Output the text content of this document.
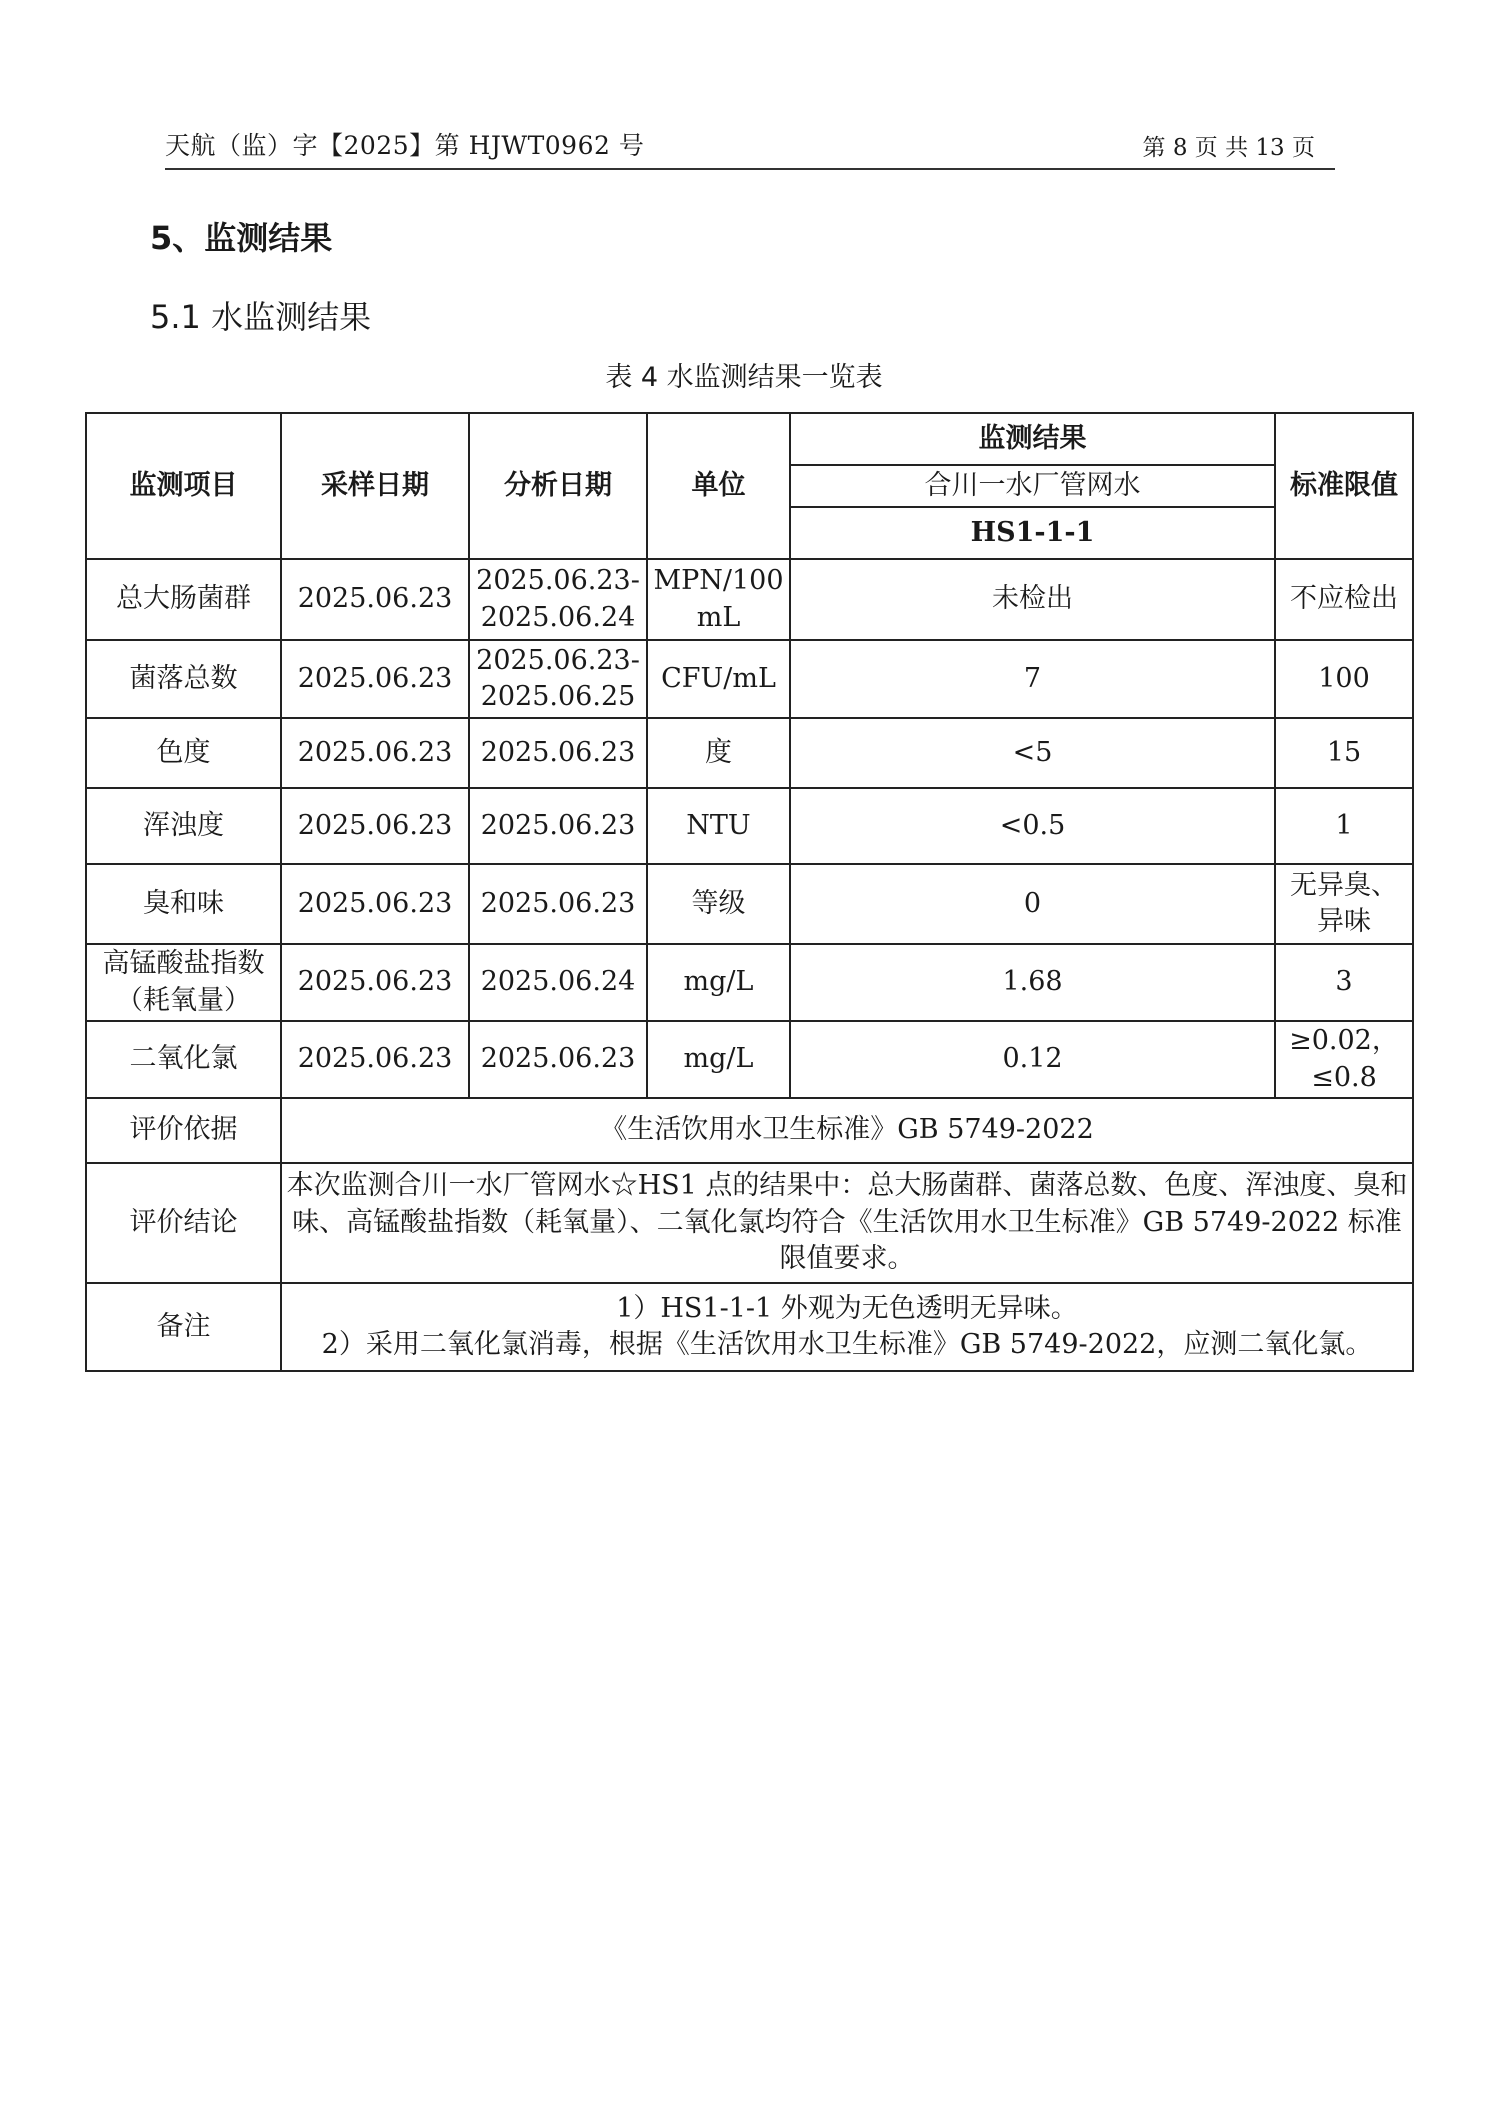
天航（监）字【2025】第 HJWT0962 号	第 8 页 共 13 页
5、监测结果
5.1 水监测结果
表 4 水监测结果一览表
监测项目	采样日期	分析日期	单位	监测结果	标准限值
				合川一水厂管网水	
				HS1-1-1	
总大肠菌群	2025.06.23	2025.06.23-2025.06.24	MPN/100 mL	未检出	不应检出
菌落总数	2025.06.23	2025.06.23-2025.06.25	CFU/mL	7	100
色度	2025.06.23	2025.06.23	度	<5	15
浑浊度	2025.06.23	2025.06.23	NTU	<0.5	1
臭和味	2025.06.23	2025.06.23	等级	0	无异臭、异味
高锰酸盐指数（耗氧量）	2025.06.23	2025.06.24	mg/L	1.68	3
二氧化氯	2025.06.23	2025.06.23	mg/L	0.12	≥0.02，≤0.8
评价依据	《生活饮用水卫生标准》GB 5749-2022				
评价结论	本次监测合川一水厂管网水☆HS1 点的结果中：总大肠菌群、菌落总数、色度、浑浊度、臭和味、高锰酸盐指数（耗氧量）、二氧化氯均符合《生活饮用水卫生标准》GB 5749-2022 标准限值要求。				
备注	1）HS1-1-1 外观为无色透明无异味。
2）采用二氧化氯消毒，根据《生活饮用水卫生标准》GB 5749-2022，应测二氧化氯。				
